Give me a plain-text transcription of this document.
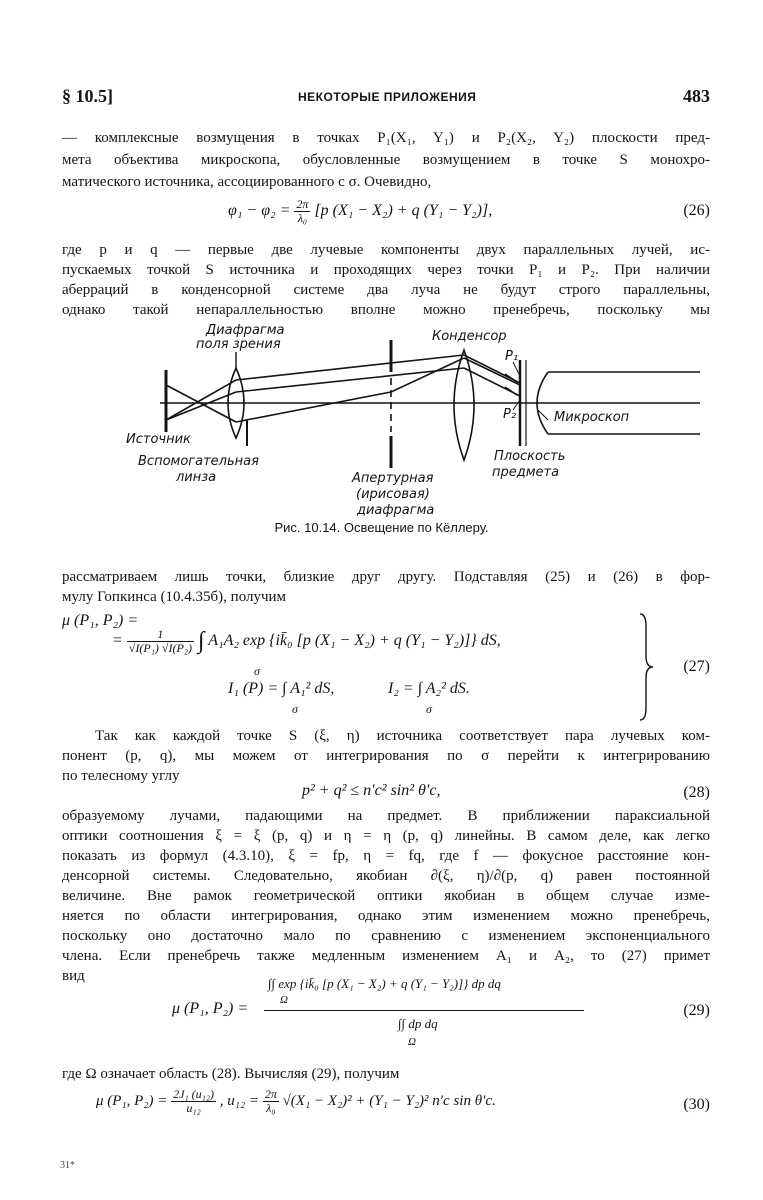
§ 10.5]	НЕКОТОРЫЕ ПРИЛОЖЕНИЯ	483
— комплексные возмущения в точках P₁(X₁, Y₁) и P₂(X₂, Y₂) плоскости пред-
мета объектива микроскопа, обусловленные возмущением в точке S монохро-
матического источника, ассоциированного с σ. Очевидно,
$\varphi_1 - \varphi_2 = \frac{2\pi}{\text{λ₀}} [p$ (X₁ − X₂) + q (Y₁ − Y₂)],	(26)
где p и q — первые две лучевые компоненты двух параллельных лучей, ис-
пускаемых точкой S источника и проходящих через точки P₁ и P₂. При наличии
аберраций в конденсорной системе два луча не будут строго параллельны,
однако такой непараллельностью вполне можно пренебречь, поскольку мы
Диафрагма
поля зрения
Конденсор
P₁
P₂	Микроскоп
Источник
Вспомогательная
линза	Апертурная
(ирисовая)
диафрагма
Плоскость
предмета
Рис. 10.14. Освещение по Кёллеру.
рассматриваем лишь точки, близкие друг другу. Подставляя (25) и (26) в фор-
мулу Гопкинса (10.4.35б), получим
μ (P₁, P₂) =
= $\frac{1}{\text{√I(P₁) √I(P₂)}}$ ∫ A₁A₂ exp {ik̄₀ [p (X₁ − X₂) + q (Y₁ − Y₂)]} dS,
σ
I₁ (P) = ∫ A₁² dS,	I₂ = ∫ A₂² dS.
σ	σ
(27)
Так как каждой точке S (ξ, η) источника соответствует пара лучевых ком-
понент (p, q), мы можем от интегрирования по σ перейти к интегрированию
по телесному углу
p² + q² ≤ n′c² sin² θ′c,	(28)
образуемому лучами, падающими на предмет. В приближении параксиальной
оптики соотношения ξ = ξ (p, q) и η = η (p, q) линейны. В самом деле, как легко
показать из формул (4.3.10), ξ = fp, η = fq, где f — фокусное расстояние кон-
денсорной системы. Следовательно, якобиан ∂(ξ, η)/∂(p, q) равен постоянной
величине. Вне рамок геометрической оптики якобиан в общем случае изме-
няется по области интегрирования, однако этим изменением можно пренебречь,
поскольку оно достаточно мало по сравнению с изменением экспоненциального
члена. Если пренебречь также медленным изменением A₁ и A₂, то (27) примет
вид
μ (P₁, P₂) =
∫∫ exp {ik̄₀ [p (X₁ − X₂) + q (Y₁ − Y₂)]} dp dq
Ω
∫∫ dp dq
Ω
(29)
где Ω означает область (28). Вычисляя (29), получим
μ (P₁, $P_2) = \frac{\text{2J₁ (u₁₂)}}{\text{u₁₂}}$ , $u_{12} = \frac{2\pi}{\text{λ₀}} √(X_1 - X_2)^2 + (Y_1 - Y_2)^2$ n′c sin θ′c.	(30)
31*
